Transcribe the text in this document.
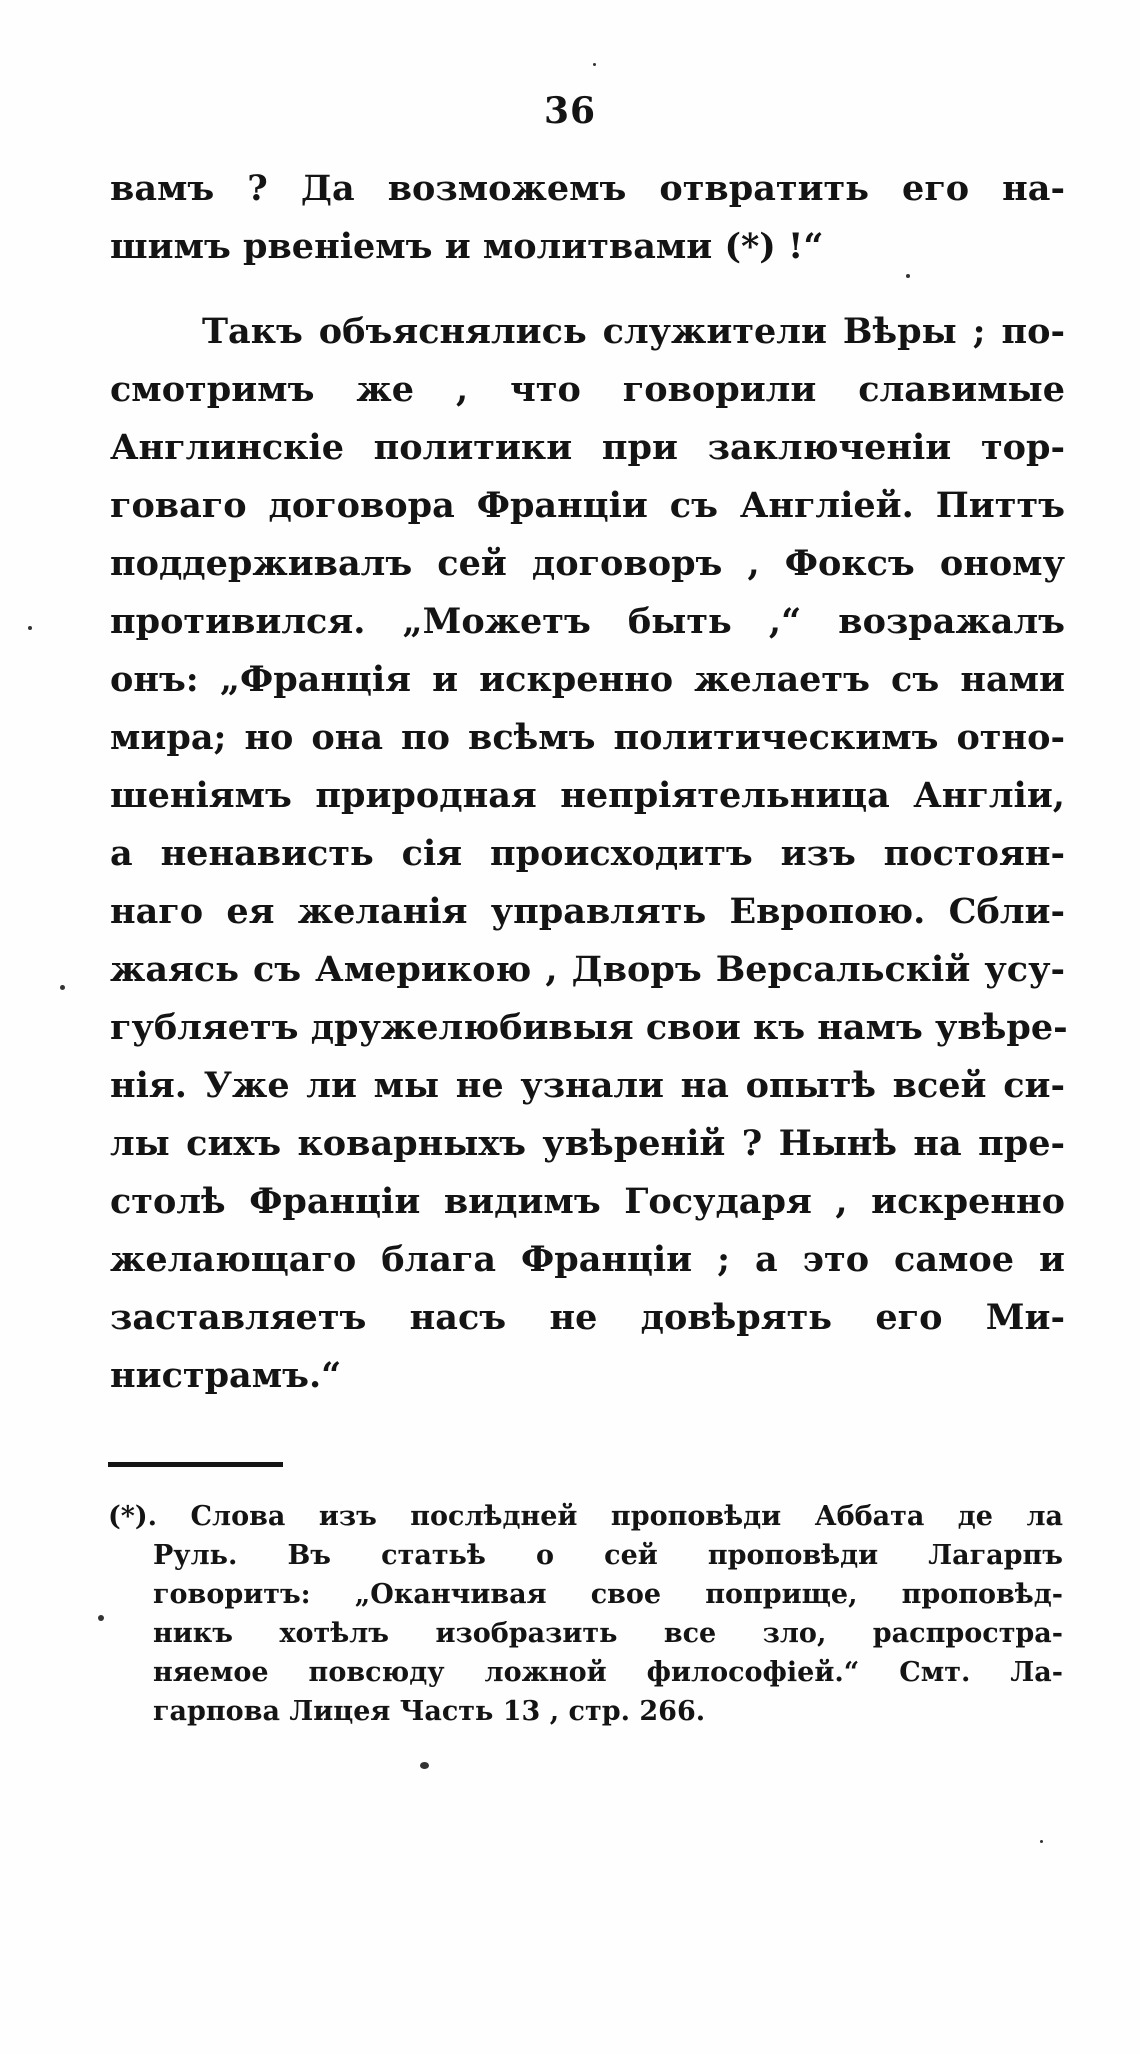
36
вамъ ? Да возможемъ отвратить его на-
шимъ рвенiемъ и молитвами (*) !“
Такъ объяснялись служители Вѣры ; по-
смотримъ же , что говорили славимые
Англинскiе политики при заключенiи тор-
говаго договора Францiи съ Англiей. Питтъ
поддерживалъ сей договоръ , Фоксъ оному
противился. „Можетъ быть ,“ возражалъ
онъ: „Францiя и искренно желаетъ съ нами
мира; но она по всѣмъ политическимъ отно-
шенiямъ природная непрiятельница Англiи,
а ненависть сiя происходитъ изъ постоян-
наго ея желанiя управлять Европою. Сбли-
жаясь съ Америкою , Дворъ Версальскiй усу-
губляетъ дружелюбивыя свои къ намъ увѣре-
нiя. Уже ли мы не узнали на опытѣ всей си-
лы сихъ коварныхъ увѣренiй ? Нынѣ на пре-
столѣ Францiи видимъ Государя , искренно
желающаго блага Францiи ; а это самое и
заставляетъ насъ не довѣрять его Ми-
нистрамъ.“
(*). Слова изъ послѣдней проповѣди Аббата де ла
Руль. Въ статьѣ о сей проповѣди Лагарпъ
говоритъ: „Оканчивая свое поприще, проповѣд-
никъ хотѣлъ изобразить все зло, распростра-
няемое повсюду ложной философiей.“ Смт. Ла-
гарпова Лицея Часть 13 , стр. 266.
